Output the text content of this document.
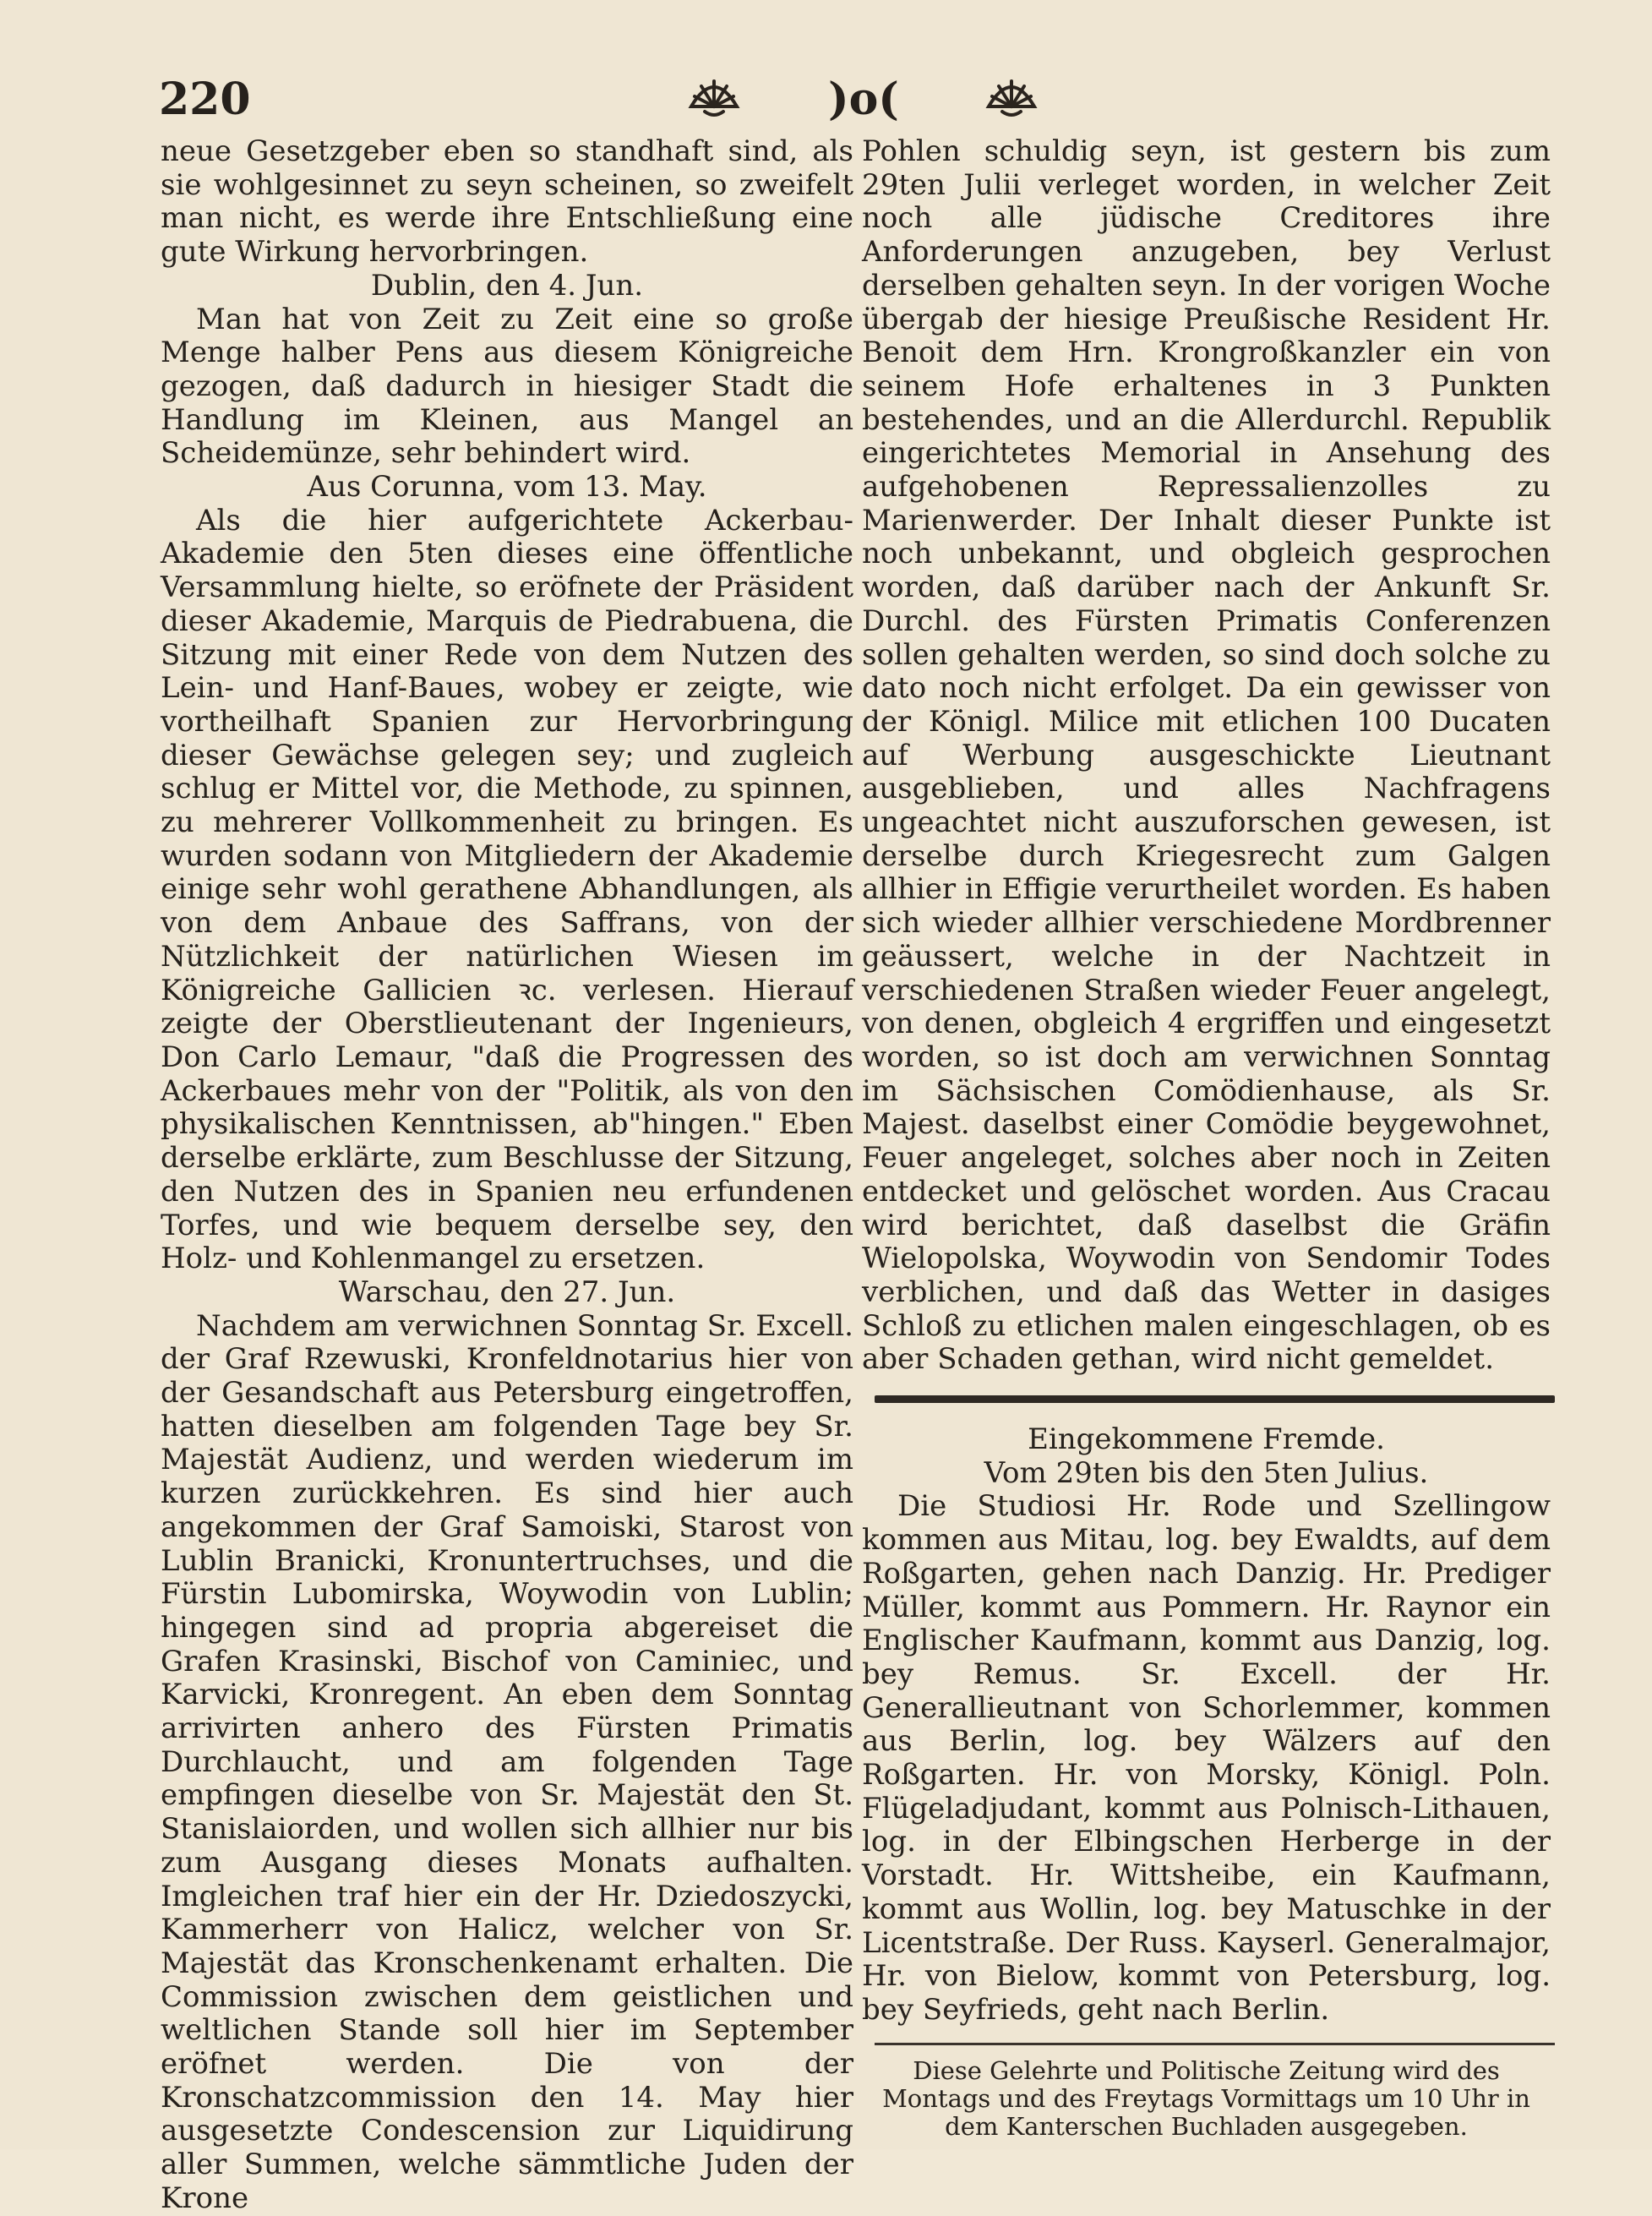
220	)o(

neue Gesetzgeber eben so standhaft sind, als sie wohlgesinnet zu seyn scheinen, so zweifelt man nicht, es werde ihre Entschließung eine gute Wirkung hervorbringen.

Dublin, den 4. Jun.

Man hat von Zeit zu Zeit eine so große Menge halber Pens aus diesem Königreiche gezogen, daß dadurch in hiesiger Stadt die Handlung im Kleinen, aus Mangel an Scheidemünze, sehr behindert wird.

Aus Corunna, vom 13. May.

Als die hier aufgerichtete Ackerbau-Akademie den 5ten dieses eine öffentliche Versammlung hielte, so eröfnete der Präsident dieser Akademie, Marquis de Piedrabuena, die Sitzung mit einer Rede von dem Nutzen des Lein- und Hanf-Baues, wobey er zeigte, wie vortheilhaft Spanien zur Hervorbringung dieser Gewächse gelegen sey; und zugleich schlug er Mittel vor, die Methode, zu spinnen, zu mehrerer Vollkommenheit zu bringen. Es wurden sodann von Mitgliedern der Akademie einige sehr wohl gerathene Abhandlungen, als von dem Anbaue des Saffrans, von der Nützlichkeit der natürlichen Wiesen im Königreiche Gallicien ꝛc. verlesen. Hierauf zeigte der Oberstlieutenant der Ingenieurs, Don Carlo Lemaur, "daß die Progressen des Ackerbaues mehr von der "Politik, als von den physikalischen Kenntnissen, ab"hingen." Eben derselbe erklärte, zum Beschlusse der Sitzung, den Nutzen des in Spanien neu erfundenen Torfes, und wie bequem derselbe sey, den Holz- und Kohlenmangel zu ersetzen.

Warschau, den 27. Jun.

Nachdem am verwichnen Sonntag Sr. Excell. der Graf Rzewuski, Kronfeldnotarius hier von der Gesandschaft aus Petersburg eingetroffen, hatten dieselben am folgenden Tage bey Sr. Majestät Audienz, und werden wiederum im kurzen zurückkehren. Es sind hier auch angekommen der Graf Samoiski, Starost von Lublin Branicki, Kronuntertruchses, und die Fürstin Lubomirska, Woywodin von Lublin; hingegen sind ad propria abgereiset die Grafen Krasinski, Bischof von Caminiec, und Karvicki, Kronregent. An eben dem Sonntag arrivirten anhero des Fürsten Primatis Durchlaucht, und am folgenden Tage empfingen dieselbe von Sr. Majestät den St. Stanislaiorden, und wollen sich allhier nur bis zum Ausgang dieses Monats aufhalten. Imgleichen traf hier ein der Hr. Dziedoszycki, Kammerherr von Halicz, welcher von Sr. Majestät das Kronschenkenamt erhalten. Die Commission zwischen dem geistlichen und weltlichen Stande soll hier im September eröfnet werden. Die von der Kronschatzcommission den 14. May hier ausgesetzte Condescension zur Liquidirung aller Summen, welche sämmtliche Juden der Krone

Pohlen schuldig seyn, ist gestern bis zum 29ten Julii verleget worden, in welcher Zeit noch alle jüdische Creditores ihre Anforderungen anzugeben, bey Verlust derselben gehalten seyn. In der vorigen Woche übergab der hiesige Preußische Resident Hr. Benoit dem Hrn. Krongroßkanzler ein von seinem Hofe erhaltenes in 3 Punkten bestehendes, und an die Allerdurchl. Republik eingerichtetes Memorial in Ansehung des aufgehobenen Repressalienzolles zu Marienwerder. Der Inhalt dieser Punkte ist noch unbekannt, und obgleich gesprochen worden, daß darüber nach der Ankunft Sr. Durchl. des Fürsten Primatis Conferenzen sollen gehalten werden, so sind doch solche zu dato noch nicht erfolget. Da ein gewisser von der Königl. Milice mit etlichen 100 Ducaten auf Werbung ausgeschickte Lieutnant ausgeblieben, und alles Nachfragens ungeachtet nicht auszuforschen gewesen, ist derselbe durch Kriegesrecht zum Galgen allhier in Effigie verurtheilet worden. Es haben sich wieder allhier verschiedene Mordbrenner geäussert, welche in der Nachtzeit in verschiedenen Straßen wieder Feuer angelegt, von denen, obgleich 4 ergriffen und eingesetzt worden, so ist doch am verwichnen Sonntag im Sächsischen Comödienhause, als Sr. Majest. daselbst einer Comödie beygewohnet, Feuer angeleget, solches aber noch in Zeiten entdecket und gelöschet worden. Aus Cracau wird berichtet, daß daselbst die Gräfin Wielopolska, Woywodin von Sendomir Todes verblichen, und daß das Wetter in dasiges Schloß zu etlichen malen eingeschlagen, ob es aber Schaden gethan, wird nicht gemeldet.

Eingekommene Fremde.

Vom 29ten bis den 5ten Julius.

Die Studiosi Hr. Rode und Szellingow kommen aus Mitau, log. bey Ewaldts, auf dem Roßgarten, gehen nach Danzig. Hr. Prediger Müller, kommt aus Pommern. Hr. Raynor ein Englischer Kaufmann, kommt aus Danzig, log. bey Remus. Sr. Excell. der Hr. Generallieutnant von Schorlemmer, kommen aus Berlin, log. bey Wälzers auf den Roßgarten. Hr. von Morsky, Königl. Poln. Flügeladjudant, kommt aus Polnisch-Lithauen, log. in der Elbingschen Herberge in der Vorstadt. Hr. Wittsheibe, ein Kaufmann, kommt aus Wollin, log. bey Matuschke in der Licentstraße. Der Russ. Kayserl. Generalmajor, Hr. von Bielow, kommt von Petersburg, log. bey Seyfrieds, geht nach Berlin.

Diese Gelehrte und Politische Zeitung wird des Montags und des Freytags Vormittags um 10 Uhr in dem Kanterschen Buchladen ausgegeben.
